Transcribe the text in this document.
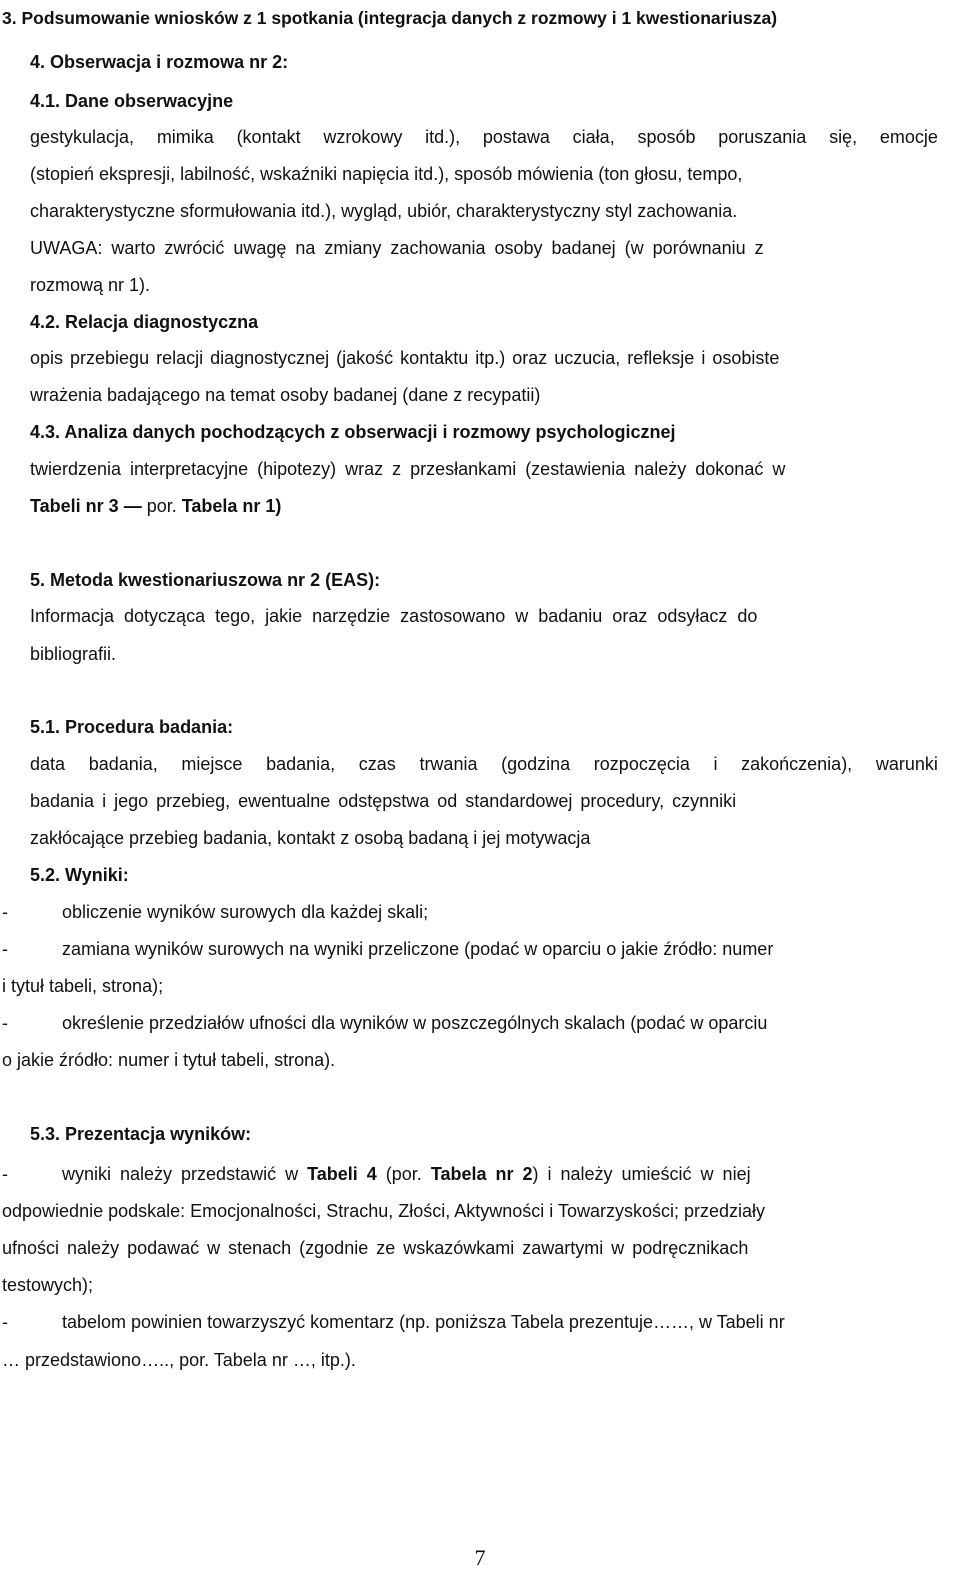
3. Podsumowanie wniosków z 1 spotkania (integracja danych z rozmowy i 1 kwestionariusza)

4. Obserwacja i rozmowa nr 2:

4.1. Dane obserwacyjne

gestykulacja, mimika (kontakt wzrokowy itd.), postawa ciała, sposób poruszania się, emocje
(stopień ekspresji, labilność, wskaźniki napięcia itd.), sposób mówienia (ton głosu, tempo,

charakterystyczne sformułowania itd.), wygląd, ubiór, charakterystyczny styl zachowania.

UWAGA: warto zwrócić uwagę na zmiany zachowania osoby badanej (w porównaniu z

rozmową nr 1).

4.2. Relacja diagnostyczna

opis przebiegu relacji diagnostycznej (jakość kontaktu itp.) oraz uczucia, refleksje i osobiste

wrażenia badającego na temat osoby badanej (dane z recypatii)

4.3. Analiza danych pochodzących z obserwacji i rozmowy psychologicznej

twierdzenia interpretacyjne (hipotezy) wraz z przesłankami (zestawienia należy dokonać w

Tabeli nr 3 — por. Tabela nr 1)

5. Metoda kwestionariuszowa nr 2 (EAS):

Informacja dotycząca tego, jakie narzędzie zastosowano w badaniu oraz odsyłacz do

bibliografii.

5.1. Procedura badania:

data badania, miejsce badania, czas trwania (godzina rozpoczęcia i zakończenia), warunki

badania i jego przebieg, ewentualne odstępstwa od standardowej procedury, czynniki

zakłócające przebieg badania, kontakt z osobą badaną i jej motywacja

5.2. Wyniki:

-	obliczenie wyników surowych dla każdej skali;
-	zamiana wyników surowych na wyniki przeliczone (podać w oparciu o jakie źródło: numer

i tytuł tabeli, strona);

-	określenie przedziałów ufności dla wyników w poszczególnych skalach (podać w oparciu

o jakie źródło: numer i tytuł tabeli, strona).

5.3. Prezentacja wyników:

-	wyniki należy przedstawić w Tabeli 4 (por. Tabela nr 2) i należy umieścić w niej

odpowiednie podskale: Emocjonalności, Strachu, Złości, Aktywności i Towarzyskości; przedziały

ufności należy podawać w stenach (zgodnie ze wskazówkami zawartymi w podręcznikach

testowych);

-	tabelom powinien towarzyszyć komentarz (np. poniższa Tabela prezentuje……, w Tabeli nr

… przedstawiono….., por. Tabela nr …, itp.).

7
